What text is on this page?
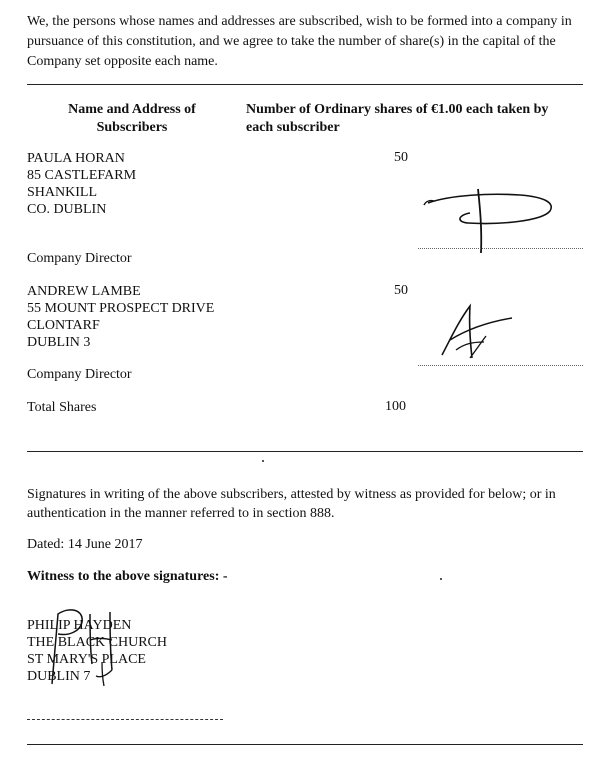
We, the persons whose names and addresses are subscribed, wish to be formed into a company in pursuance of this constitution, and we agree to take the number of share(s) in the capital of the Company set opposite each name.
Name and Address of
Subscribers
Number of Ordinary shares of €1.00 each taken by
each subscriber
PAULA HORAN
85 CASTLEFARM
SHANKILL
CO. DUBLIN
50
Company Director
ANDREW LAMBE
55 MOUNT PROSPECT DRIVE
CLONTARF
DUBLIN 3
50
Company Director
Total Shares	100
Signatures in writing of the above subscribers, attested by witness as provided for below; or in authentication in the manner referred to in section 888.
Dated: 14 June 2017
Witness to the above signatures: -
PHILIP HAYDEN
THE BLACK CHURCH
ST MARY'S PLACE
DUBLIN 7
